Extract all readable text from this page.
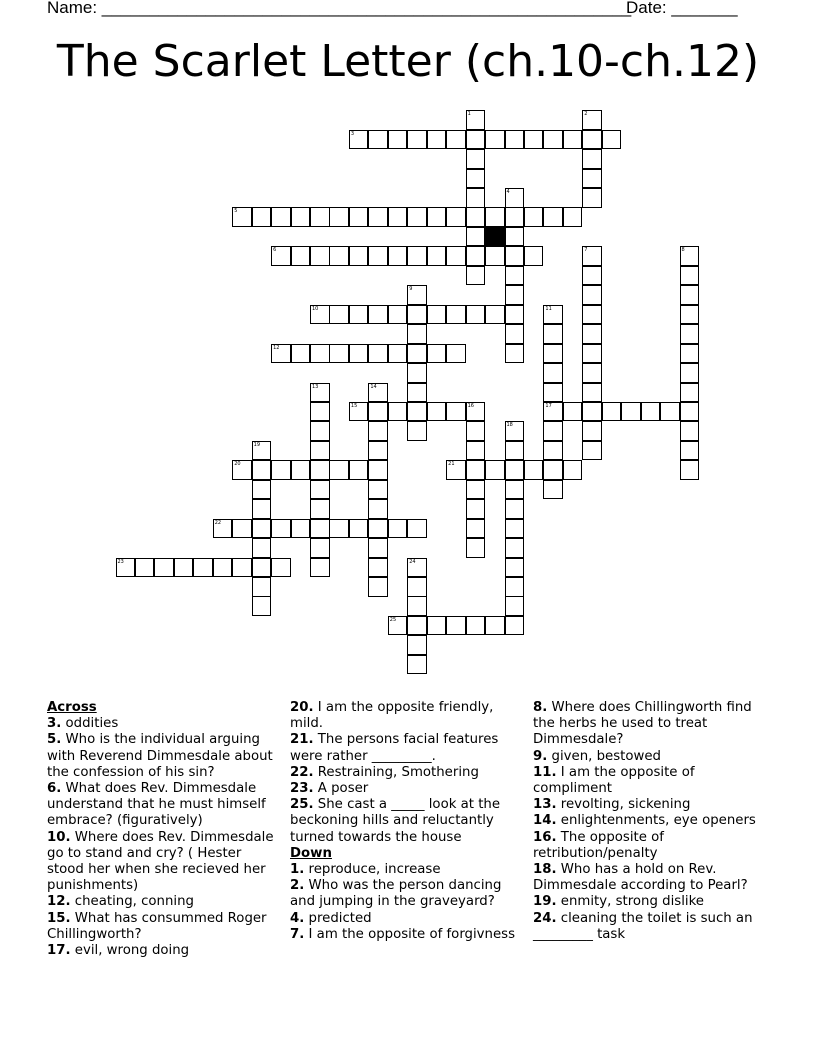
Name: ________________________________________________________
Date: _______
The Scarlet Letter (ch.10-ch.12)
3
5
6
10
12
15	16	17
20	21
22
23
25
1	2
4
7	8
9
11
13	14
18
19
24
Across
3. oddities
5. Who is the individual arguing with Reverend Dimmesdale about the confession of his sin?
6. What does Rev. Dimmesdale understand that he must himself embrace? (figuratively)
10. Where does Rev. Dimmesdale go to stand and cry? ( Hester stood her when she recieved her punishments)
12. cheating, conning
15. What has consummed Roger Chillingworth?
17. evil, wrong doing
20. I am the opposite friendly, mild.
21. The persons facial features were rather _________.
22. Restraining, Smothering
23. A poser
25. She cast a _____ look at the beckoning hills and reluctantly turned towards the house
Down
1. reproduce, increase
2. Who was the person dancing and jumping in the graveyard?
4. predicted
7. I am the opposite of forgivness
8. Where does Chillingworth find the herbs he used to treat Dimmesdale?
9. given, bestowed
11. I am the opposite of compliment
13. revolting, sickening
14. enlightenments, eye openers
16. The opposite of retribution/penalty
18. Who has a hold on Rev. Dimmesdale according to Pearl?
19. enmity, strong dislike
24. cleaning the toilet is such an _________ task
